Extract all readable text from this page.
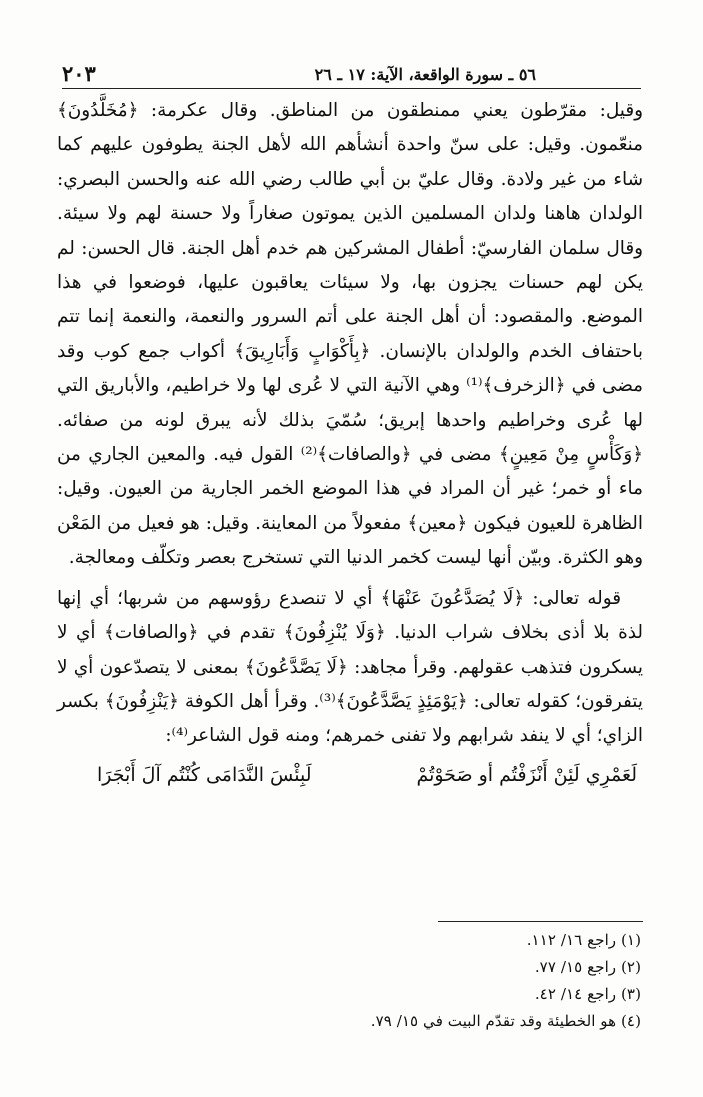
٥٦ ـ سورة الواقعة، الآية: ١٧ ـ ٢٦
٢٠٣

وقيل: مقرّطون يعني ممنطقون من المناطق. وقال عكرمة: ﴿مُخَلَّدُونَ﴾ منعّمون. وقيل: على سنّ واحدة أنشأهم الله لأهل الجنة يطوفون عليهم كما شاء من غير ولادة. وقال عليّ بن أبي طالب رضي الله عنه والحسن البصري: الولدان هاهنا ولدان المسلمين الذين يموتون صغاراً ولا حسنة لهم ولا سيئة. وقال سلمان الفارسيّ: أطفال المشركين هم خدم أهل الجنة. قال الحسن: لم يكن لهم حسنات يجزون بها، ولا سيئات يعاقبون عليها، فوضعوا في هذا الموضع. والمقصود: أن أهل الجنة على أتم السرور والنعمة، والنعمة إنما تتم باحتفاف الخدم والولدان بالإنسان. ﴿بِأَكْوَابٍ وَأَبَارِيقَ﴾ أكواب جمع كوب وقد مضى في ﴿الزخرف﴾⁽¹⁾ وهي الآنية التي لا عُرى لها ولا خراطيم، والأباريق التي لها عُرى وخراطيم واحدها إبريق؛ سُمّيَ بذلك لأنه يبرق لونه من صفائه. ﴿وَكَأْسٍ مِنْ مَعِينٍ﴾ مضى في ﴿والصافات﴾⁽²⁾ القول فيه. والمعين الجاري من ماء أو خمر؛ غير أن المراد في هذا الموضع الخمر الجارية من العيون. وقيل: الظاهرة للعيون فيكون ﴿معين﴾ مفعولاً من المعاينة. وقيل: هو فعيل من المَعْن وهو الكثرة. وبيّن أنها ليست كخمر الدنيا التي تستخرج بعصر وتكلّف ومعالجة.

قوله تعالى: ﴿لَا يُصَدَّعُونَ عَنْهَا﴾ أي لا تنصدع رؤوسهم من شربها؛ أي إنها لذة بلا أذى بخلاف شراب الدنيا. ﴿وَلَا يُنْزِفُونَ﴾ تقدم في ﴿والصافات﴾ أي لا يسكرون فتذهب عقولهم. وقرأ مجاهد: ﴿لَا يَصَّدَّعُونَ﴾ بمعنى لا يتصدّعون أي لا يتفرقون؛ كقوله تعالى: ﴿يَوْمَئِذٍ يَصَّدَّعُونَ﴾⁽³⁾. وقرأ أهل الكوفة ﴿يَنْزِفُونَ﴾ بكسر الزاي؛ أي لا ينفد شرابهم ولا تفنى خمرهم؛ ومنه قول الشاعر⁽⁴⁾:

لَعَمْرِي لَئِنْ أَنْزَفْتُم أو صَحَوْتُمْ
لَبِئْسَ النَّدَامَى كُنْتُم آلَ أَبْجَرَا
(١) راجع ١٦/ ١١٢.
(٢) راجع ١٥/ ٧٧.
(٣) راجع ١٤/ ٤٢.
(٤) هو الخطيئة وقد تقدّم البيت في ١٥/ ٧٩.
